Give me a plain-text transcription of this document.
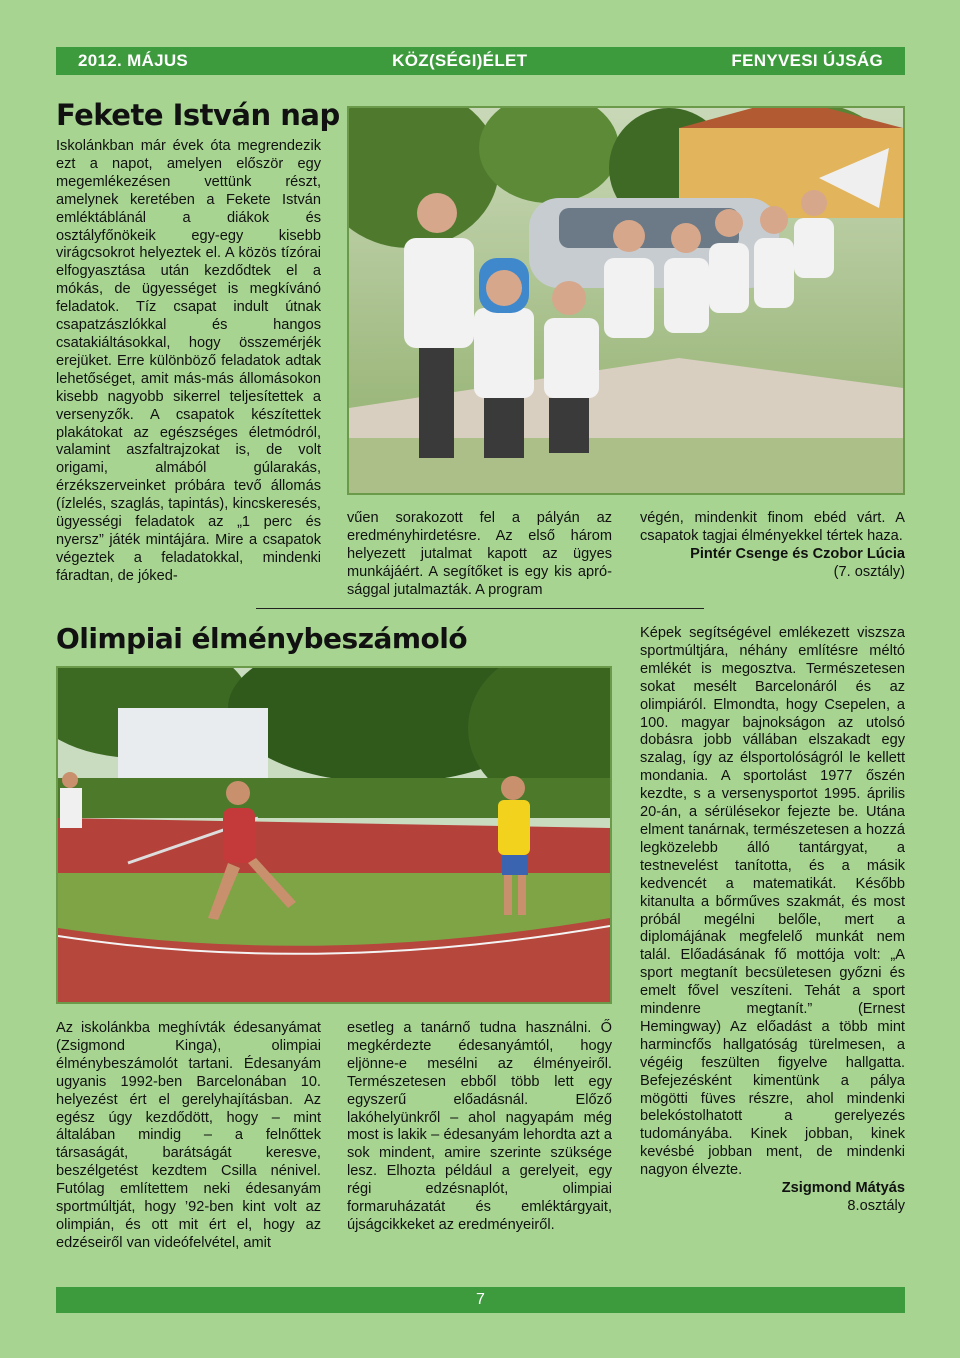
2012. MÁJUS	KÖZ(SÉGI)ÉLET	FENYVESI ÚJSÁG
Fekete István nap

Iskolánkban már évek óta megrendezik ezt a napot, amelyen először egy megemlékezésen vettünk részt, amelynek keretében a Fekete István emléktáblánál a diákok és osztályfőnökeik egy-egy kisebb virágcsokrot helyeztek el. A közös tízórai elfogyasztása után kezdődtek el a mókás, de ügyességet is megkívánó feladatok. Tíz csapat indult útnak csapatzászlókkal és hangos csatakiáltásokkal, hogy összemérjék erejüket. Erre különböző feladatok adtak lehetőséget, amit más-más állomásokon kisebb nagyobb sikerrel teljesítettek a versenyzők. A csapatok készítettek plakátokat az egészséges életmódról, valamint aszfaltrajzokat is, de volt origami, almából gúlarakás, érzékszerveinket próbára tevő állomás (ízlelés, szaglás, tapintás), kincskeresés, ügyességi feladatok az „1 perc és nyersz” játék mintájára. Mire a csapatok végeztek a feladatokkal, mindenki fáradtan, de jóked-

vűen sorakozott fel a pályán az eredményhirdetésre. Az első három helyezett jutalmat kapott az ügyes munkájáért. A segítőket is egy kis aprósággal jutalmazták. A program

végén, mindenkit finom ebéd várt. A csapatok tagjai élményekkel tértek haza.

Pintér Csenge és Czobor Lúcia

(7. osztály)

Olimpiai élménybeszámoló

Az iskolánkba meghívták édesanyámat (Zsigmond Kinga), olimpiai élménybeszámolót tartani. Édesanyám ugyanis 1992-ben Barcelonában 10. helyezést ért el gerelyhajításban. Az egész úgy kezdődött, hogy – mint általában mindig – a felnőttek társaságát, barátságát keresve, beszélgetést kezdtem Csilla nénivel. Futólag említettem neki édesanyám sportmúltját, hogy ’92-ben kint volt az olimpián, és ott mit ért el, hogy az edzéseiről van videófelvétel, amit

esetleg a tanárnő tudna használni. Ő megkérdezte édesanyámtól, hogy eljönne-e mesélni az élményeiről. Természetesen ebből több lett egy egyszerű előadásnál. Előző lakóhelyünkről – ahol nagyapám még most is lakik – édesanyám lehordta azt a sok mindent, amire szerinte szüksége lesz. Elhozta például a gerelyeit, egy régi edzésnaplót, olimpiai formaruházatát és emléktárgyait, újságcikkeket az eredményeiről.

Képek segítségével emlékezett viszsza sportmúltjára, néhány említésre méltó emlékét is megosztva. Természetesen sokat mesélt Barcelonáról és az olimpiáról. Elmondta, hogy Csepelen, a 100. magyar bajnokságon az utolsó dobásra jobb vállában elszakadt egy szalag, így az élsportolóságról le kellett mondania. A sportolást 1977 őszén kezdte, s a versenysportot 1995. április 20-án, a sérülésekor fejezte be. Utána elment tanárnak, természetesen a hozzá legközelebb álló tantárgyat, a testnevelést tanította, és a másik kedvencét a matematikát. Később kitanulta a bőrműves szakmát, és most próbál megélni belőle, mert a diplomájának megfelelő munkát nem talál. Előadásának fő mottója volt: „A sport megtanít becsületesen győzni és emelt fővel veszíteni. Tehát a sport mindenre megtanít.” (Ernest Hemingway) Az előadást a több mint harmincfős hallgatóság türelmesen, a végéig feszülten figyelve hallgatta. Befejezésként kimentünk a pálya mögötti füves részre, ahol mindenki belekóstolhatott a gerelyezés tudományába. Kinek jobban, kinek kevésbé jobban ment, de mindenki nagyon élvezte.

Zsigmond Mátyás

8.osztály

7
